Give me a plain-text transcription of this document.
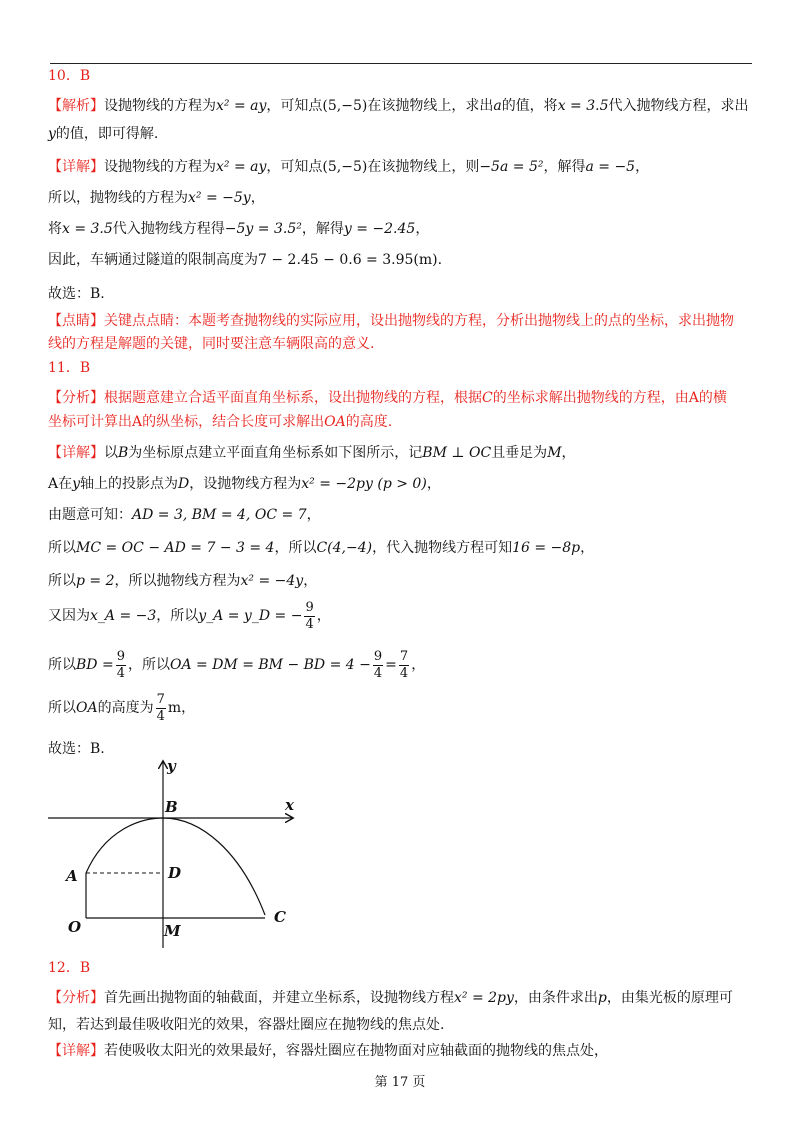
10．B
【解析】设抛物线的方程为x² = ay，可知点(5,−5)在该抛物线上，求出a的值，将x = 3.5代入抛物线方程，求出
y的值，即可得解.
【详解】设抛物线的方程为x² = ay，可知点(5,−5)在该抛物线上，则−5a = 5²，解得a = −5，
所以，抛物线的方程为x² = −5y，
将x = 3.5代入抛物线方程得−5y = 3.5²，解得y = −2.45，
因此，车辆通过隧道的限制高度为7 − 2.45 − 0.6 = 3.95(m).
故选：B.
【点睛】关键点点睛：本题考查抛物线的实际应用，设出抛物线的方程，分析出抛物线上的点的坐标，求出抛物
线的方程是解题的关键，同时要注意车辆限高的意义.
11．B
【分析】根据题意建立合适平面直角坐标系，设出抛物线的方程，根据C的坐标求解出抛物线的方程，由A的横
坐标可计算出A的纵坐标，结合长度可求解出OA的高度.
【详解】以B为坐标原点建立平面直角坐标系如下图所示，记BM ⊥ OC且垂足为M，
A在y轴上的投影点为D，设抛物线方程为x² = −2py (p > 0)，
由题意可知：AD = 3, BM = 4, OC = 7，
所以MC = OC − AD = 7 − 3 = 4，所以C(4,−4)，代入抛物线方程可知16 = −8p，
所以p = 2，所以抛物线方程为x² = −4y，
又因为x_A = −3，所以y_A = y_D = − $\frac{9}{4}$ ，
所以BD = $\frac{9}{4}$ ，所以OA = DM = BM − BD = $4 - \frac{9}{4} = \frac{7}{4}$ ，
所以OA的高度为 $\frac{7}{4}$ m，
故选：B.
y
x
B
A	D
O	M
C
12．B
【分析】首先画出抛物面的轴截面，并建立坐标系，设抛物线方程x² = 2py，由条件求出p，由集光板的原理可
知，若达到最佳吸收阳光的效果，容器灶圈应在抛物线的焦点处.
【详解】若使吸收太阳光的效果最好，容器灶圈应在抛物面对应轴截面的抛物线的焦点处，
第 17 页
